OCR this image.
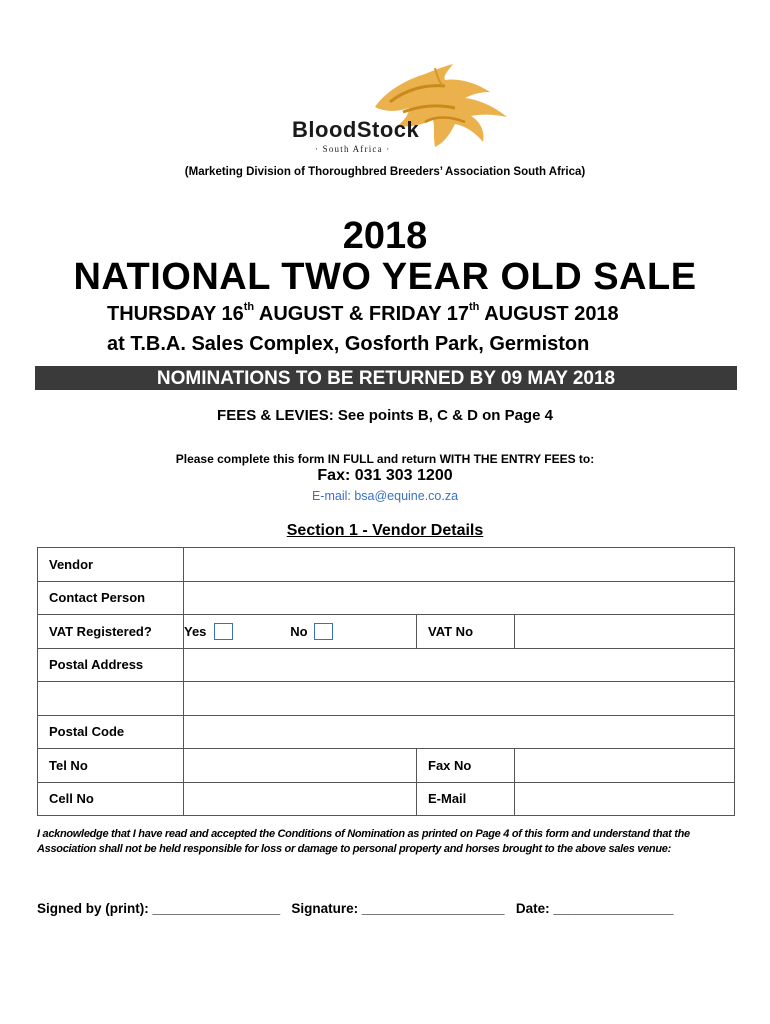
BloodStock
· South Africa ·
(Marketing Division of Thoroughbred Breeders’ Association South Africa)
2018
NATIONAL TWO YEAR OLD SALE
THURSDAY 16th AUGUST & FRIDAY 17th AUGUST 2018
at T.B.A. Sales Complex, Gosforth Park, Germiston
NOMINATIONS TO BE RETURNED BY 09 MAY 2018
FEES & LEVIES: See points B, C & D on Page 4
Please complete this form IN FULL and return WITH THE ENTRY FEES to:
Fax: 031 303 1200
E-mail: bsa@equine.co.za
Section 1 - Vendor Details
Vendor			
Contact Person			
VAT Registered?	Yes No	VAT No	
Postal Address			

Postal Code			
Tel No		Fax No	
Cell No		E-Mail	
I acknowledge that I have read and accepted the Conditions of Nomination as printed on Page 4 of this form and understand that the Association shall not be held responsible for loss or damage to personal property and horses brought to the above sales venue:
Signed by (print): _________________ Signature: ___________________ Date: ________________
